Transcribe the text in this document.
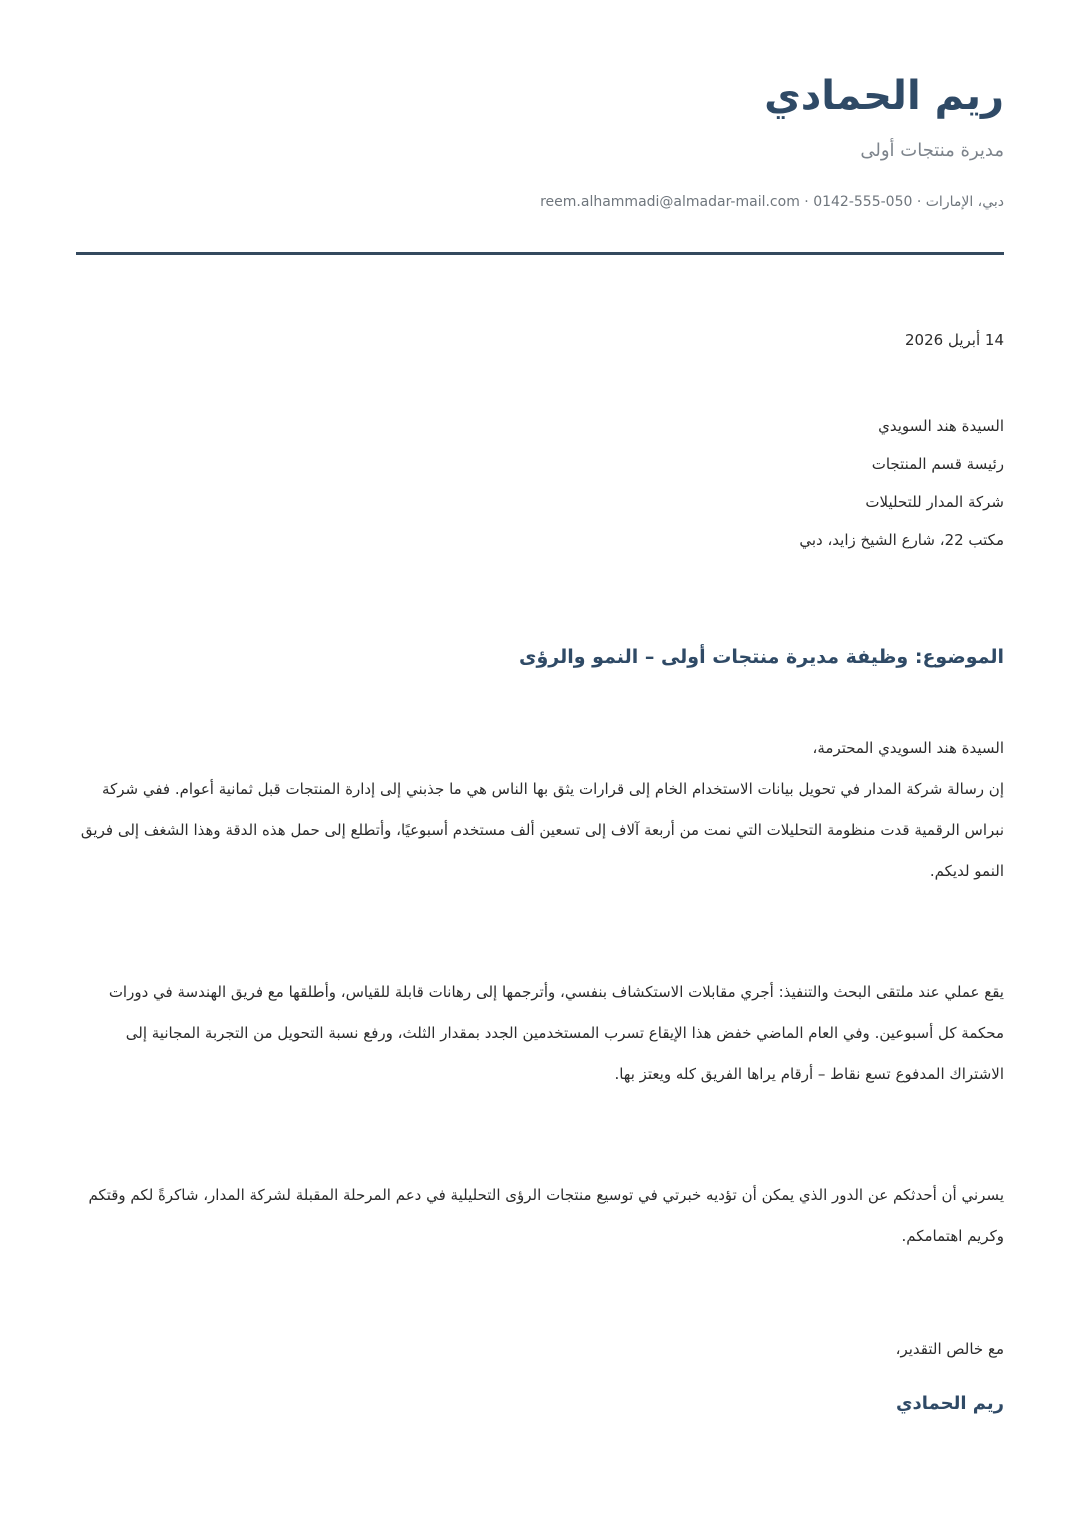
ريم الحمادي
مديرة منتجات أولى
دبي، الإمارات · 0142-555-050 · reem.alhammadi@almadar-mail.com
14 أبريل 2026
السيدة هند السويدي
رئيسة قسم المنتجات
شركة المدار للتحليلات
مكتب 22، شارع الشيخ زايد، دبي
الموضوع: وظيفة مديرة منتجات أولى – النمو والرؤى
السيدة هند السويدي المحترمة،

إن رسالة شركة المدار في تحويل بيانات الاستخدام الخام إلى قرارات يثق بها الناس هي ما جذبني إلى إدارة المنتجات قبل ثمانية أعوام. ففي شركة نبراس الرقمية قدت منظومة التحليلات التي نمت من أربعة آلاف إلى تسعين ألف مستخدم أسبوعيًا، وأتطلع إلى حمل هذه الدقة وهذا الشغف إلى فريق النمو لديكم.

يقع عملي عند ملتقى البحث والتنفيذ: أجري مقابلات الاستكشاف بنفسي، وأترجمها إلى رهانات قابلة للقياس، وأطلقها مع فريق الهندسة في دورات محكمة كل أسبوعين. وفي العام الماضي خفض هذا الإيقاع تسرب المستخدمين الجدد بمقدار الثلث، ورفع نسبة التحويل من التجربة المجانية إلى الاشتراك المدفوع تسع نقاط – أرقام يراها الفريق كله ويعتز بها.

يسرني أن أحدثكم عن الدور الذي يمكن أن تؤديه خبرتي في توسيع منتجات الرؤى التحليلية في دعم المرحلة المقبلة لشركة المدار، شاكرةً لكم وقتكم وكريم اهتمامكم.

مع خالص التقدير،
ريم الحمادي
